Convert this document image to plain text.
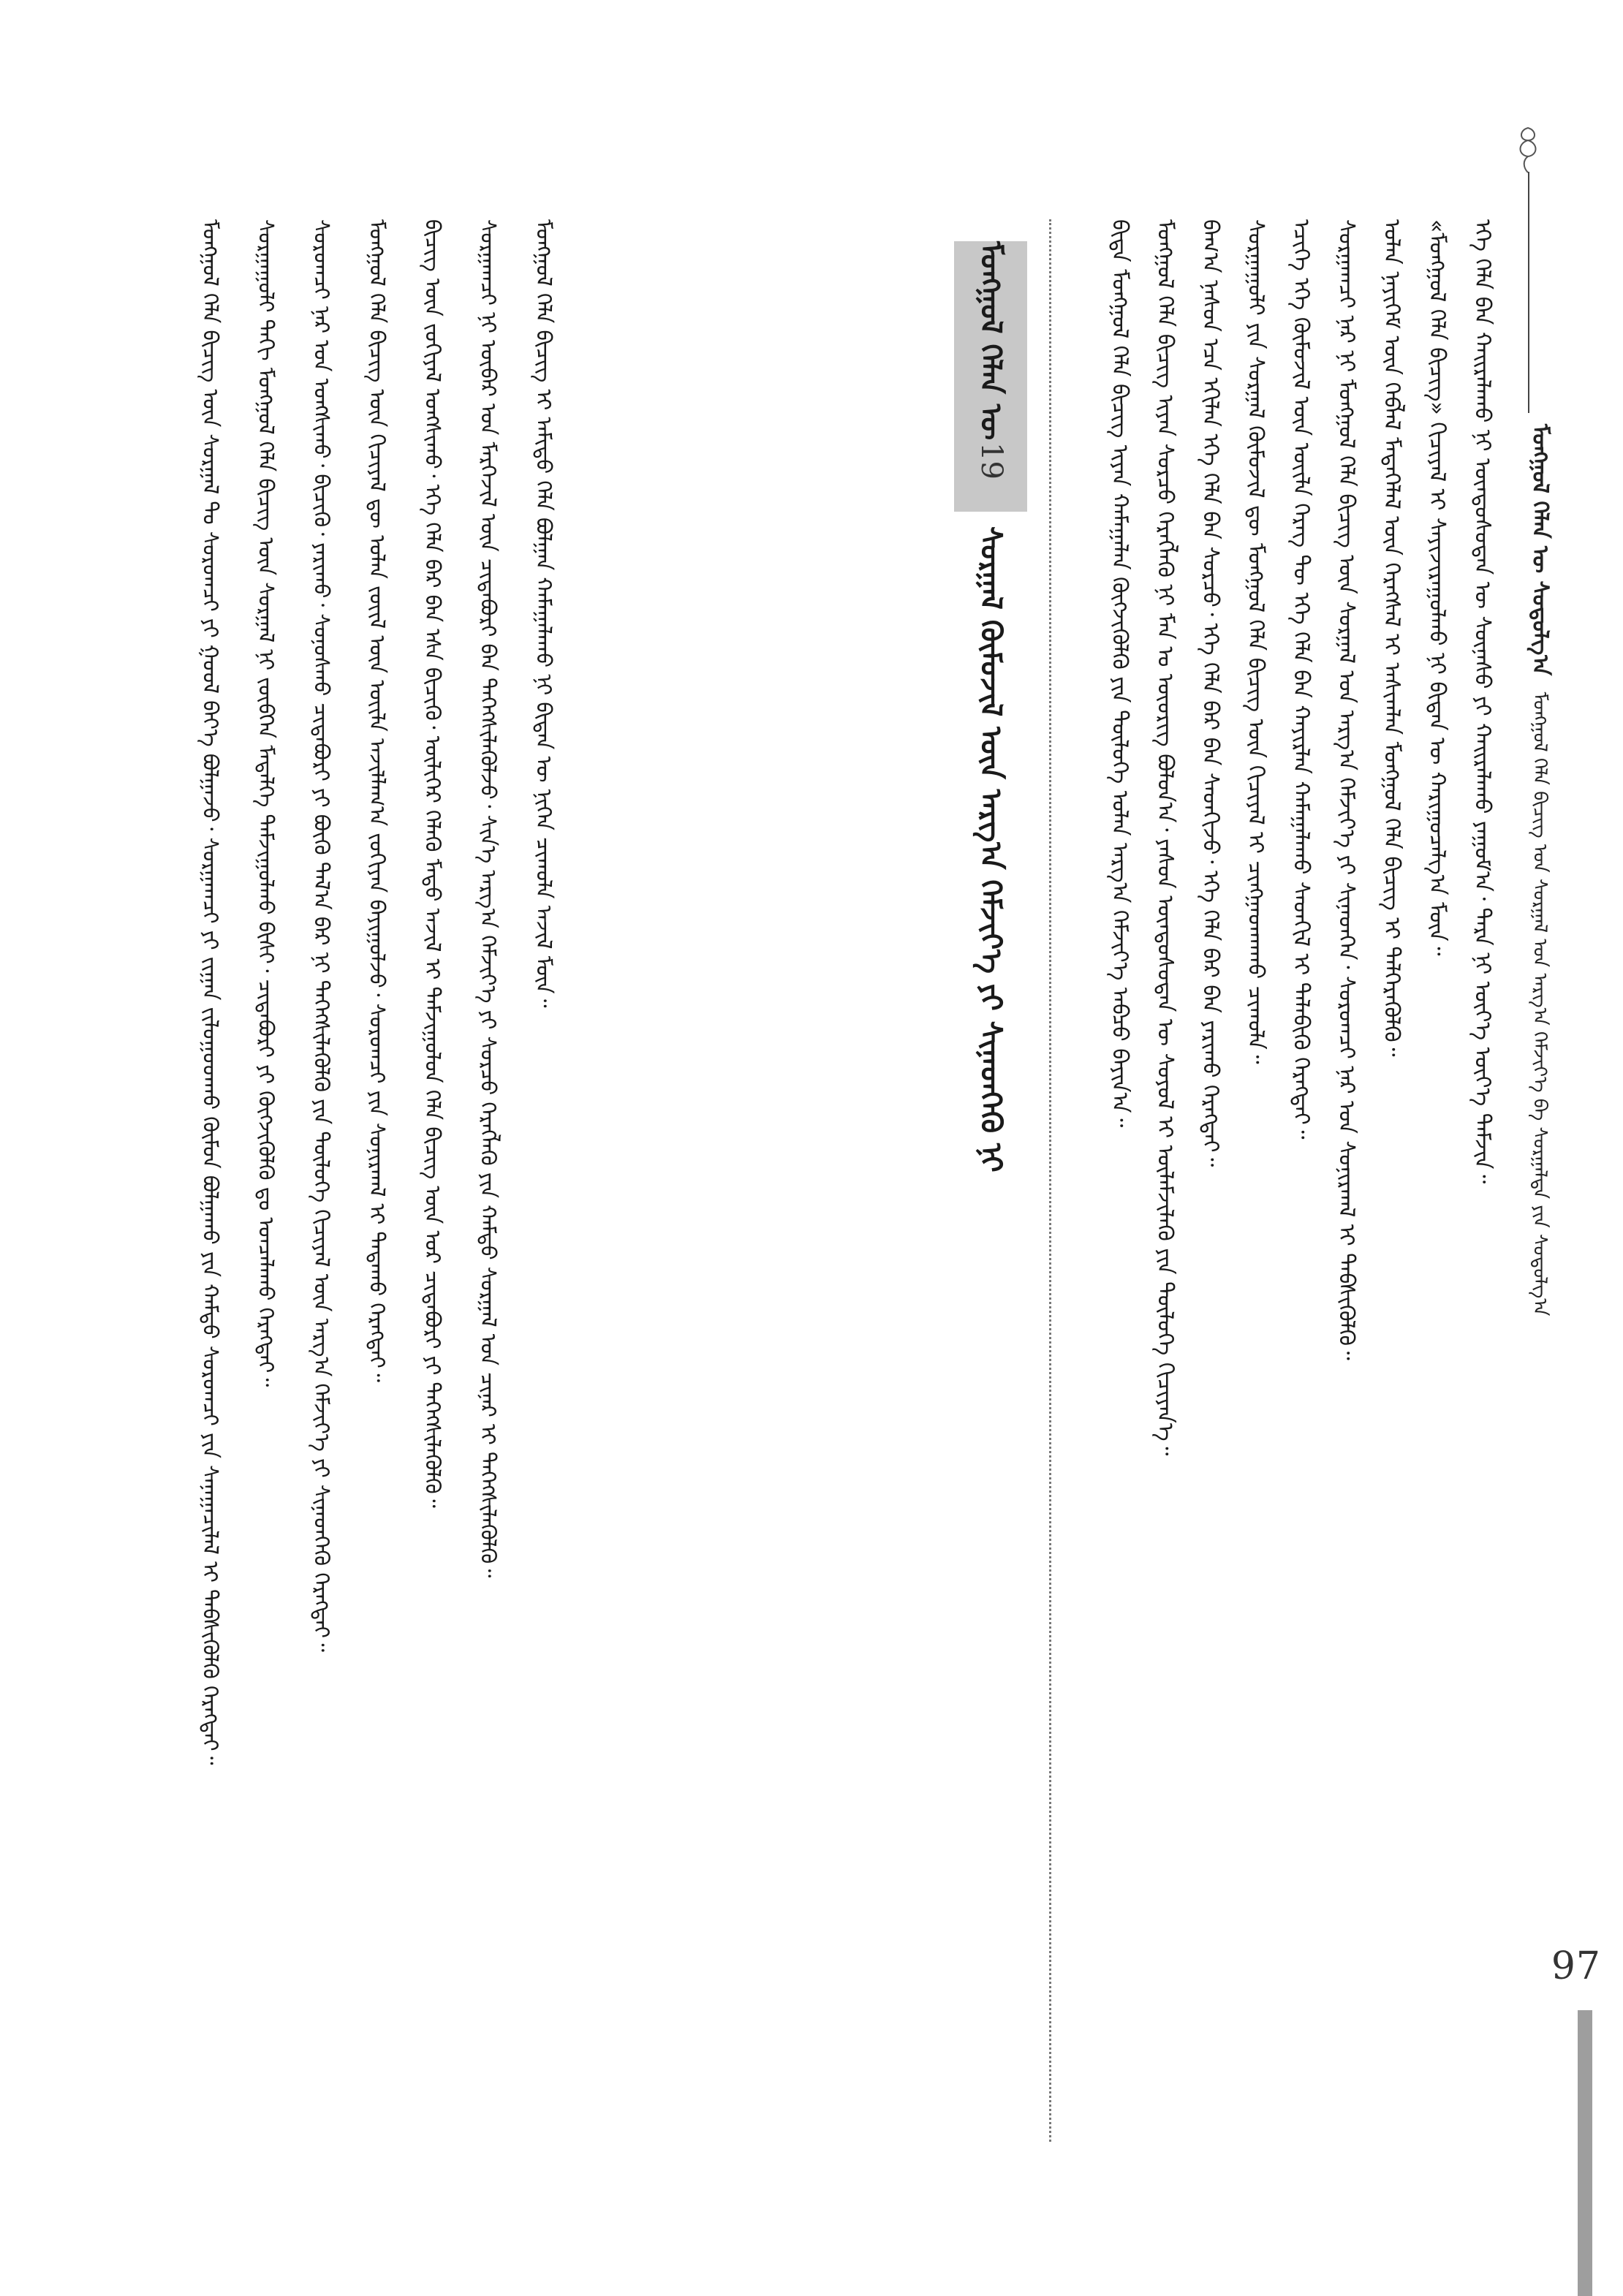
ᠮᠣᠩᠭᠣᠯ ᠬᠡᠯᠡᠨ ᠦ ᠰᠤᠳᠤᠯᠭ᠎ᠠ ᠮᠣᠩᠭᠣᠯ ᠬᠡᠯᠡ ᠪᠢᠴᠢᠭ ᠤᠨ ᠰᠤᠷᠭᠠᠯ ᠤᠨ ᠠᠷᠭ᠎ᠠ ᠬᠡᠮᠵᠢᠶ᠎ᠡ ᠪᠠ ᠰᠤᠷᠭᠠᠯᠲᠠ ᠶᠢᠨ ᠰᠤᠳᠤᠯᠭ᠎ᠠ
97

ᠪᠢᠳᠡ ᠮᠣᠩᠭᠣᠯ ᠬᠡᠯᠡ ᠪᠢᠴᠢᠭ ᠢᠶᠡᠨ ᠬᠠᠮᠠᠭᠠᠯᠠᠨ ᠬᠥᠭᠵᠢᠭᠦᠯᠬᠦ ᠶᠢᠨ ᠲᠥᠯᠦᠭᠡ ᠣᠯᠠᠨ ᠠᠷᠭ᠎ᠠ ᠬᠡᠮᠵᠢᠶ᠎ᠡ ᠠᠪᠴᠤ ᠪᠠᠶᠢᠨ᠎ᠠ᠃ ᠮᠣᠩᠭᠣᠯ ᠬᠡᠯᠡ ᠪᠢᠴᠢᠭ ᠢᠶᠡᠨ ᠰᠤᠷᠴᠤ ᠬᠡᠷᠡᠭᠯᠡᠬᠦ ᠨᠢ ᠮᠠᠨ ᠤ ᠦᠦᠷᠢᠭ ᠪᠣᠯᠤᠨ᠎ᠠ᠂ ᠶᠠᠰᠤᠨ ᠦᠨᠳᠦᠰᠦᠲᠡᠨ ᠦ ᠰᠣᠶᠣᠯ ᠢ ᠦᠯᠡᠮᠵᠢᠯᠡᠬᠦ ᠶᠢᠨ ᠲᠥᠯᠦᠭᠡ ᠬᠢᠴᠢᠶᠡᠨ᠎ᠡ᠃ ᠪᠠᠭ᠎ᠠ ᠨᠠᠰᠤᠨ ᠡᠴᠡ ᠡᠬᠢᠯᠡᠨ ᠡᠬᠡ ᠬᠡᠯᠡ ᠪᠡᠨ ᠰᠤᠷᠴᠤ᠂ ᠡᠬᠡ ᠬᠡᠯᠡ ᠪᠡᠷ ᠪᠡᠨ ᠰᠡᠳᠭᠢᠵᠦ᠂ ᠡᠬᠡ ᠬᠡᠯᠡ ᠪᠡᠷ ᠪᠡᠨ ᠶᠠᠷᠢᠬᠤ ᠬᠡᠷᠡᠭᠲᠡᠢ᠃ ᠰᠤᠷᠭᠠᠭᠤᠯᠢ ᠶᠢᠨ ᠰᠤᠷᠭᠠᠯ ᠬᠦᠮᠦᠵᠢᠯ ᠳᠦ ᠮᠣᠩᠭᠣᠯ ᠬᠡᠯᠡ ᠪᠢᠴᠢᠭ ᠦᠨ ᠬᠢᠴᠢᠶᠡᠯ ᠢ ᠴᠢᠩᠭᠠᠳᠬᠠᠬᠤ ᠴᠢᠬᠤᠯᠠ᠃ ᠡᠴᠢᠭᠡ ᠡᠬᠡ ᠬᠦᠮᠦᠵᠢᠯ ᠦᠨ ᠦᠢᠯᠡ ᠬᠡᠷᠡᠭ ᠲᠦ ᠡᠬᠡ ᠬᠡᠯᠡ ᠪᠡᠨ ᠬᠠᠶᠢᠷᠯᠠᠨ ᠬᠠᠮᠠᠭᠠᠯᠠᠬᠤ ᠰᠡᠳᠬᠢᠯ ᠢ ᠲᠡᠯᠡᠪᠢᠬᠦ ᠬᠡᠷᠡᠭᠲᠡᠢ᠃ ᠰᠤᠷᠭᠠᠭᠴᠢ ᠨᠠᠷ ᠨᠢ ᠮᠣᠩᠭᠣᠯ ᠬᠡᠯᠡ ᠪᠢᠴᠢᠭ ᠦᠨ ᠰᠤᠷᠭᠠᠯ ᠤᠨ ᠠᠷᠭ᠎ᠠ ᠬᠡᠮᠵᠢᠶ᠎ᠡ ᠶᠢ ᠰᠢᠨᠡᠳᠬᠡᠨ᠂ ᠰᠤᠷᠤᠭᠴᠢ ᠨᠠᠷ ᠤᠨ ᠰᠣᠨᠢᠷᠬᠠᠯ ᠢ ᠳᠡᠪᠰᠢᠭᠦᠯᠬᠦ᠃ ᠣᠯᠠᠨ ᠨᠡᠶᠢᠭᠡᠮ ᠦᠨ ᠬᠡᠪᠯᠡᠯ ᠮᠡᠳᠡᠭᠡᠯᠡᠯ ᠦᠨ ᠬᠡᠷᠡᠭᠰᠡᠯ ᠢ ᠠᠰᠢᠭᠯᠠᠨ ᠮᠣᠩᠭᠣᠯ ᠬᠡᠯᠡ ᠪᠢᠴᠢᠭ ᠢ ᠳᠡᠯᠭᠡᠷᠡᠭᠦᠯᠬᠦ᠃ «ᠮᠣᠩᠭᠣᠯ ᠬᠡᠯᠡ ᠪᠢᠴᠢᠭ» ᠬᠢᠴᠢᠶᠡᠯ ᠢ ᠰᠠᠶᠢᠵᠢᠷᠠᠭᠤᠯᠬᠤ ᠨᠢ ᠪᠢᠳᠡᠨ ᠦ ᠬᠠᠷᠢᠭᠤᠴᠠᠯᠭ᠎ᠠ ᠮᠥᠨ᠃ ᠡᠬᠡ ᠬᠡᠯᠡ ᠪᠡᠨ ᠬᠠᠢᠷᠠᠯᠠᠬᠤ ᠨᠢ ᠦᠨᠳᠦᠰᠦᠲᠡᠨ ᠦ ᠰᠦᠨᠡᠰᠦ ᠶᠢ ᠬᠠᠢᠷᠠᠯᠠᠬᠤ ᠶᠠᠭᠤᠮ᠎ᠠ᠂ ᠲᠡᠷᠡ ᠨᠢ ᠦᠶ᠎ᠡ ᠦᠶ᠎ᠡ ᠳᠠᠮᠵᠢᠨ᠃

ᠮᠣᠩᠭᠣᠯ ᠬᠡᠯᠡᠨ ᠦ
19
ᠰᠤᠷᠭᠠᠯ ᠬᠦᠮᠦᠵᠢᠯ ᠦᠨ ᠠᠷᠭ᠎ᠠ ᠬᠡᠮᠵᠢᠶ᠎ᠡ ᠶᠢ ᠰᠢᠨᠡᠳᠬᠡᠬᠦ ᠨᠢ

ᠮᠣᠩᠭᠣᠯ ᠬᠡᠯᠡ ᠪᠢᠴᠢᠭ ᠦᠨ ᠰᠤᠷᠭᠠᠯ ᠲᠤ ᠰᠤᠷᠤᠭᠴᠢ ᠶᠢ ᠭᠣᠣᠯ ᠪᠡᠶ᠎ᠡ ᠪᠣᠯᠭᠠᠵᠤ᠂ ᠰᠤᠷᠭᠠᠭᠴᠢ ᠶᠢ ᠵᠢᠭᠠᠨ ᠵᠢᠯᠣᠭᠣᠳᠬᠤ ᠬᠦᠮᠦᠨ ᠪᠣᠯᠭᠠᠬᠤ ᠶᠢᠨ ᠬᠠᠮᠲᠤ ᠰᠤᠷᠤᠭᠴᠢ ᠶᠢᠨ ᠰᠠᠨᠠᠭᠠᠴᠢᠯᠠᠯ ᠢ ᠳᠡᠪᠰᠢᠭᠦᠯᠬᠦ ᠬᠡᠷᠡᠭᠲᠡᠢ᠃	ᠰᠤᠷᠭᠠᠭᠤᠯᠢ ᠳᠠᠬᠢ ᠮᠣᠩᠭᠣᠯ ᠬᠡᠯᠡ ᠪᠢᠴᠢᠭ ᠦᠨ ᠰᠤᠷᠭᠠᠯ ᠨᠢ ᠵᠥᠪᠬᠡᠨ ᠮᠡᠳᠡᠯᠭᠡ ᠳᠠᠮᠵᠢᠭᠤᠯᠬᠤ ᠪᠢᠰᠢ᠂ ᠴᠢᠳᠠᠪᠤᠷᠢ ᠶᠢ ᠬᠥᠭᠵᠢᠭᠦᠯᠬᠦ ᠳᠤ ᠣᠨᠴᠠᠯᠠᠬᠤ ᠬᠡᠷᠡᠭᠲᠡᠢ᠃	ᠰᠤᠷᠤᠭᠴᠢ ᠨᠠᠷ ᠤᠨ ᠤᠩᠰᠢᠬᠤ᠂ ᠪᠢᠴᠢᠬᠦ᠂ ᠶᠠᠷᠢᠬᠤ᠂ ᠰᠣᠨᠣᠰᠬᠤ ᠴᠢᠳᠠᠪᠤᠷᠢ ᠶᠢ ᠪᠦᠬᠦ ᠲᠠᠯ᠎ᠠ ᠪᠡᠷ ᠨᠢ ᠳᠡᠭᠡᠭᠰᠢᠯᠡᠭᠦᠯᠬᠦ ᠶᠢᠨ ᠲᠥᠯᠦᠭᠡ ᠬᠢᠴᠢᠶᠡᠯ ᠦᠨ ᠠᠷᠭ᠎ᠠ ᠬᠡᠮᠵᠢᠶ᠎ᠡ ᠶᠢ ᠰᠢᠨᠡᠳᠬᠡᠬᠦ ᠬᠡᠷᠡᠭᠲᠡᠢ᠃	ᠮᠣᠩᠭᠣᠯ ᠬᠡᠯᠡ ᠪᠢᠴᠢᠭ ᠦᠨ ᠬᠢᠴᠢᠶᠡᠯ ᠳᠦ ᠣᠯᠠᠨ ᠵᠦᠢᠯ ᠦᠨ ᠦᠢᠯᠡ ᠠᠵᠢᠯᠯᠠᠭ᠎ᠠ ᠵᠣᠬᠢᠶᠠᠨ ᠪᠠᠶᠢᠭᠤᠯᠵᠤ᠂ ᠰᠤᠷᠤᠭᠴᠢ ᠶᠢᠨ ᠰᠣᠨᠢᠷᠬᠠᠯ ᠢ ᠲᠠᠲᠠᠬᠤ ᠬᠡᠷᠡᠭᠲᠡᠢ᠃	ᠪᠢᠴᠢᠭ ᠦᠨ ᠵᠣᠬᠢᠶᠠᠯ ᠤᠩᠰᠢᠬᠤ᠂ ᠡᠬᠡ ᠬᠡᠯᠡ ᠪᠡᠷ ᠪᠡᠨ ᠡᠰᠡ ᠪᠢᠴᠢᠬᠦ᠂ ᠦᠯᠢᠭᠡᠷ ᠬᠡᠯᠡᠬᠦ ᠮᠡᠲᠦ ᠠᠵᠢᠯ ᠢ ᠳᠠᠮᠵᠢᠭᠤᠯᠤᠨ ᠬᠡᠯᠡ ᠪᠢᠴᠢᠭ ᠦᠨ ᠤᠷ ᠴᠢᠳᠠᠪᠤᠷᠢ ᠶᠢ ᠳᠡᠭᠡᠭᠰᠢᠯᠡᠭᠦᠯᠬᠦ᠃	ᠰᠤᠷᠭᠠᠭᠴᠢ ᠨᠢ ᠥᠪᠡᠷ ᠤᠨ ᠮᠡᠷᠭᠡᠵᠢᠯ ᠦᠨ ᠴᠢᠳᠠᠪᠤᠷᠢ ᠪᠠᠨ ᠳᠡᠭᠡᠭᠰᠢᠯᠡᠭᠦᠯᠵᠦ᠂ ᠰᠢᠨ᠎ᠡ ᠠᠷᠭ᠎ᠠ ᠬᠡᠮᠵᠢᠶ᠎ᠡ ᠶᠢ ᠰᠤᠷᠴᠤ ᠬᠡᠷᠡᠭᠯᠡᠬᠦ ᠶᠢᠨ ᠬᠠᠮᠲᠤ ᠰᠤᠷᠭᠠᠯ ᠤᠨ ᠴᠢᠨᠠᠷ ᠢ ᠳᠡᠭᠡᠭᠰᠢᠯᠡᠭᠦᠯᠬᠦ᠃	ᠮᠣᠩᠭᠣᠯ ᠬᠡᠯᠡ ᠪᠢᠴᠢᠭ ᠢ ᠠᠮᠢᠳᠤ ᠬᠡᠯᠡ ᠪᠣᠯᠭᠠᠨ ᠬᠠᠮᠠᠭᠠᠯᠠᠬᠤ ᠨᠢ ᠪᠢᠳᠡᠨ ᠦ ᠨᠢᠭᠡᠨ ᠴᠢᠬᠤᠯᠠ ᠠᠵᠢᠯ ᠮᠥᠨ᠃
